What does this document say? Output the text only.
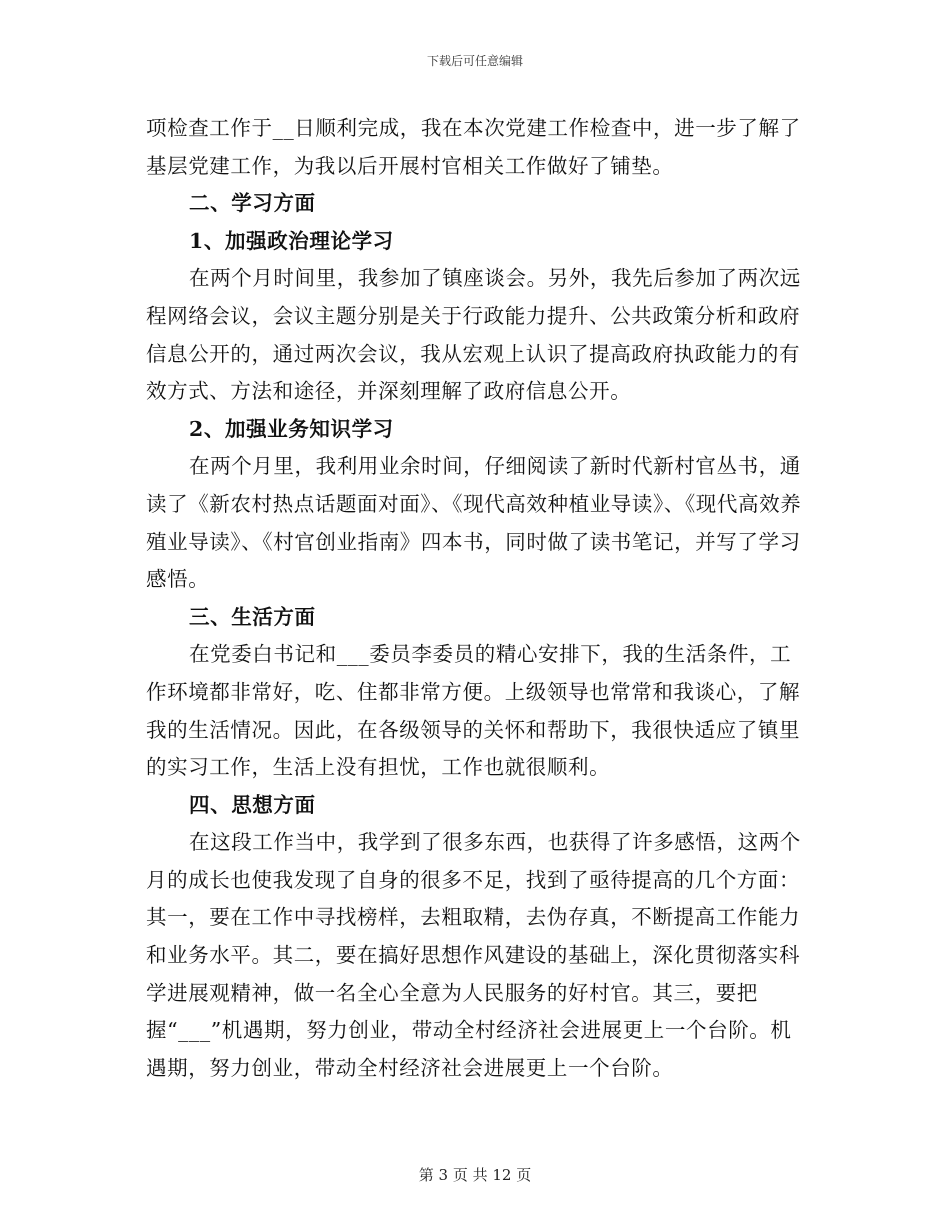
下载后可任意编辑

项检查工作于__日顺利完成，我在本次党建工作检查中，进一步了解了基层党建工作，为我以后开展村官相关工作做好了铺垫。

二、学习方面

1、加强政治理论学习

在两个月时间里，我参加了镇座谈会。另外，我先后参加了两次远程网络会议，会议主题分别是关于行政能力提升、公共政策分析和政府信息公开的，通过两次会议，我从宏观上认识了提高政府执政能力的有效方式、方法和途径，并深刻理解了政府信息公开。

2、加强业务知识学习

在两个月里，我利用业余时间，仔细阅读了新时代新村官丛书，通读了《新农村热点话题面对面》、《现代高效种植业导读》、《现代高效养殖业导读》、《村官创业指南》四本书，同时做了读书笔记，并写了学习感悟。

三、生活方面

在党委白书记和___委员李委员的精心安排下，我的生活条件，工作环境都非常好，吃、住都非常方便。上级领导也常常和我谈心，了解我的生活情况。因此，在各级领导的关怀和帮助下，我很快适应了镇里的实习工作，生活上没有担忧，工作也就很顺利。

四、思想方面

在这段工作当中，我学到了很多东西，也获得了许多感悟，这两个月的成长也使我发现了自身的很多不足，找到了亟待提高的几个方面：其一，要在工作中寻找榜样，去粗取精，去伪存真，不断提高工作能力和业务水平。其二，要在搞好思想作风建设的基础上，深化贯彻落实科学进展观精神，做一名全心全意为人民服务的好村官。其三，要把握“___”机遇期，努力创业，带动全村经济社会进展更上一个台阶。机遇期，努力创业，带动全村经济社会进展更上一个台阶。

第 3 页 共 12 页
